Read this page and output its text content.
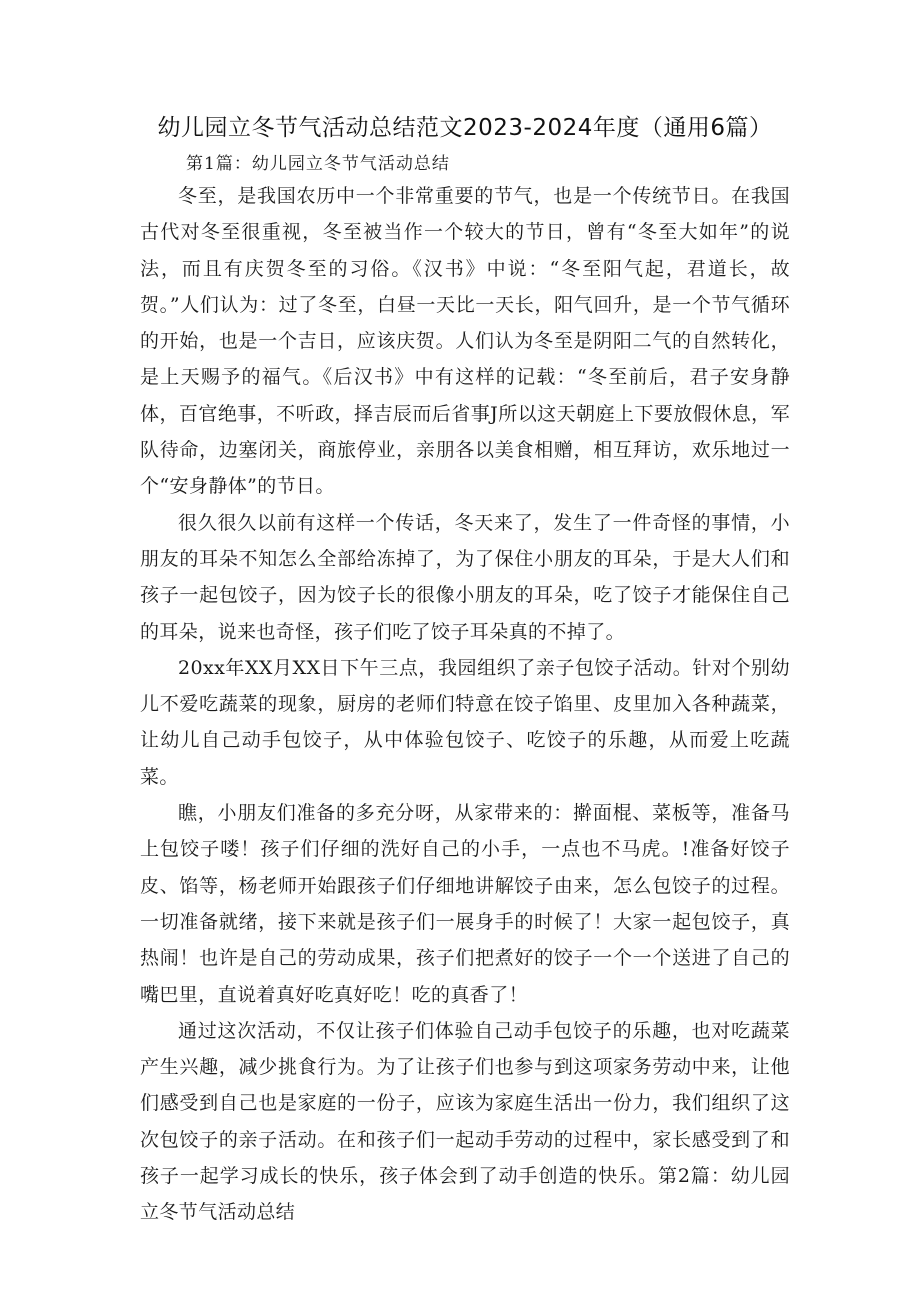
幼儿园立冬节气活动总结范文2023-2024年度（通用6篇）
第1篇：幼儿园立冬节气活动总结

冬至，是我国农历中一个非常重要的节气，也是一个传统节日。在我国古代对冬至很重视，冬至被当作一个较大的节日，曾有“冬至大如年”的说法，而且有庆贺冬至的习俗。《汉书》中说：“冬至阳气起，君道长，故贺。”人们认为：过了冬至，白昼一天比一天长，阳气回升，是一个节气循环的开始，也是一个吉日，应该庆贺。人们认为冬至是阴阳二气的自然转化，是上天赐予的福气。《后汉书》中有这样的记载：“冬至前后，君子安身静体，百官绝事，不听政，择吉辰而后省事J所以这天朝庭上下要放假休息，军队待命，边塞闭关，商旅停业，亲朋各以美食相赠，相互拜访，欢乐地过一个“安身静体”的节日。

很久很久以前有这样一个传话，冬天来了，发生了一件奇怪的事情，小朋友的耳朵不知怎么全部给冻掉了，为了保住小朋友的耳朵，于是大人们和孩子一起包饺子，因为饺子长的很像小朋友的耳朵，吃了饺子才能保住自己的耳朵，说来也奇怪，孩子们吃了饺子耳朵真的不掉了。

20xx年XX月XX日下午三点，我园组织了亲子包饺子活动。针对个别幼儿不爱吃蔬菜的现象，厨房的老师们特意在饺子馅里、皮里加入各种蔬菜，让幼儿自己动手包饺子，从中体验包饺子、吃饺子的乐趣，从而爱上吃蔬菜。

瞧，小朋友们准备的多充分呀，从家带来的：擀面棍、菜板等，准备马上包饺子喽！孩子们仔细的洗好自己的小手，一点也不马虎。!准备好饺子皮、馅等，杨老师开始跟孩子们仔细地讲解饺子由来，怎么包饺子的过程。一切准备就绪，接下来就是孩子们一展身手的时候了！大家一起包饺子，真热闹！也许是自己的劳动成果，孩子们把煮好的饺子一个一个送进了自己的嘴巴里，直说着真好吃真好吃！吃的真香了！

通过这次活动，不仅让孩子们体验自己动手包饺子的乐趣，也对吃蔬菜产生兴趣，减少挑食行为。为了让孩子们也参与到这项家务劳动中来，让他们感受到自己也是家庭的一份子，应该为家庭生活出一份力，我们组织了这次包饺子的亲子活动。在和孩子们一起动手劳动的过程中，家长感受到了和孩子一起学习成长的快乐，孩子体会到了动手创造的快乐。第2篇：幼儿园立冬节气活动总结
